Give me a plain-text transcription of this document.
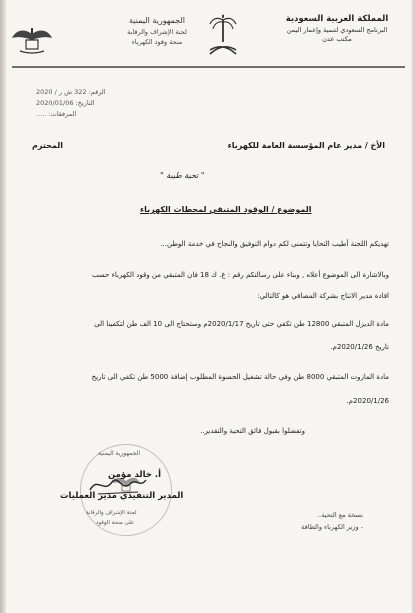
المملكة العربية السعودية
البرنامج السعودي لتنمية وإعمار اليمن
مكتب عدن
الجمهورية اليمنية
لجنة الإشراف والرقابة
منحة وقود الكهرباء
الرقم: 322 ش ر / 2020
التاريخ: 2020/01/06
المرفقات: .....
الأخ / مدير عام المؤسسة العامة للكهرباء
المحترم
" تحية طيبة "
الموضوع / الوقود المتبقي لمحطات الكهرباء
تهديكم اللجنة أطيب التحايا وتتمنى لكم دوام التوفيق والنجاح في خدمة الوطن...
وبالاشارة الى الموضوع أعلاه , وبناء على رسالتكم رقم : غ. ك 18 فان المتبقي من وقود الكهرباء حسب
افادة مدير الانتاج بشركة المصافي هو كالتالي:
مادة الديزل المتبقي 12800 طن تكفي حتى تاريخ 2020/1/17م وستحتاج الى 10 الف طن لتكفينا الى
تاريخ 2020/1/26م.
مادة المازوت المتبقي 8000 طن وفي حالة تشغيل الحسوة المطلوب إضافة 5000 طن تكفي الى تاريخ
2020/1/26م.
وتفضلوا بقبول فائق التحية والتقدير..
الجمهورية اليمنية
لجنة الإشراف والرقابة
على منحة الوقود
أ. خالد مؤمن
المدير التنفيذي مدير العمليات
نسخة مع التحية..
- وزير الكهرباء والطاقة
